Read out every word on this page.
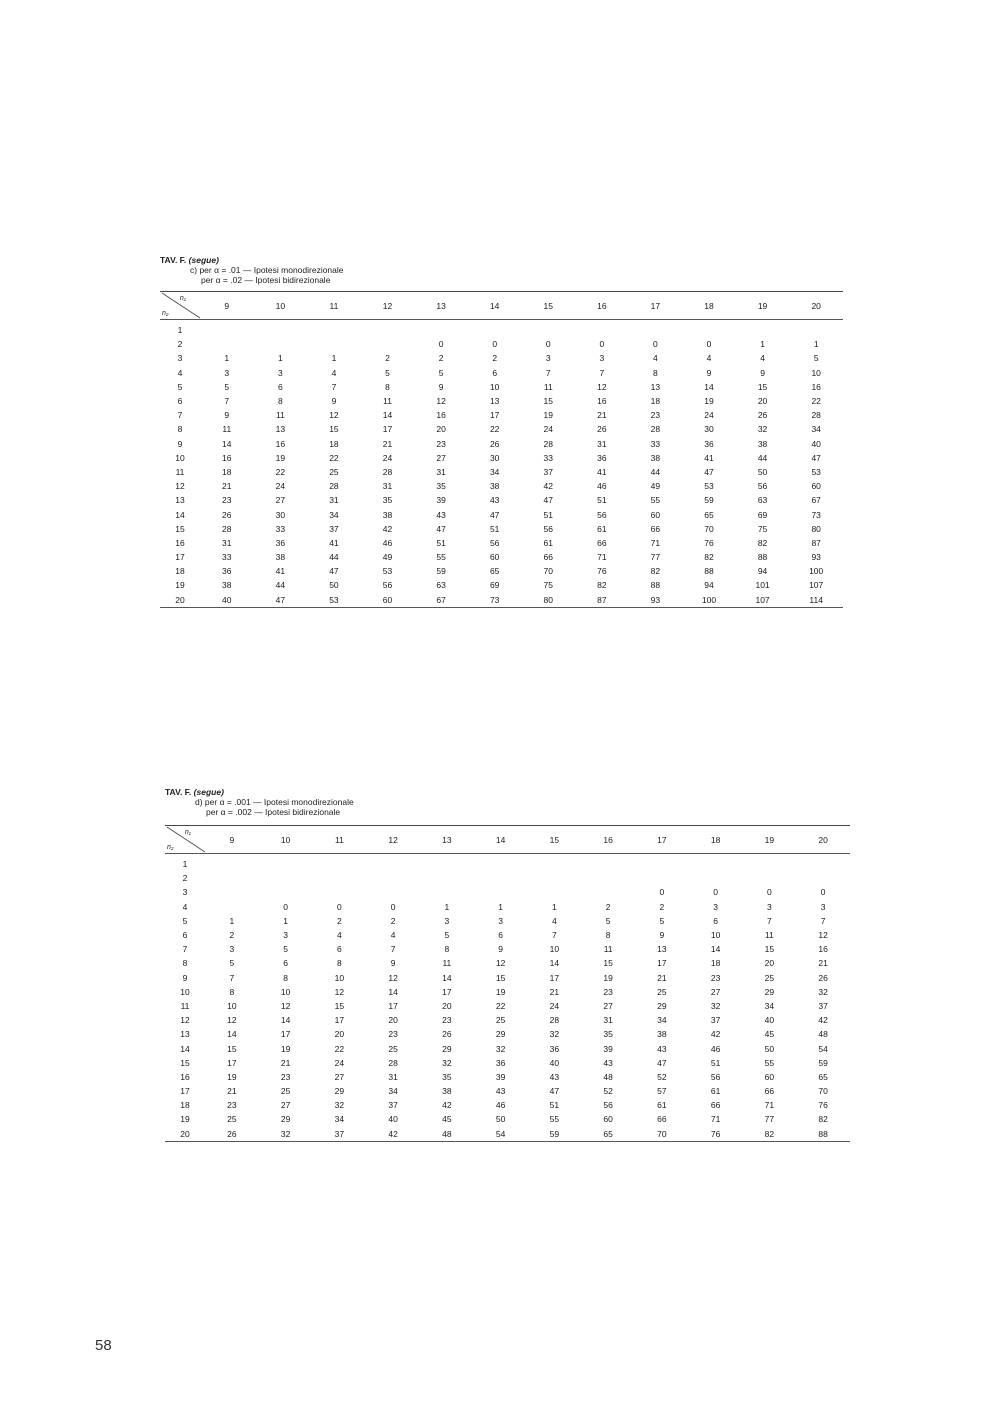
TAV. F. (segue)
c) per α = .01 — Ipotesi monodirezionale
per α = .02 — Ipotesi bidirezionale
n₁
n₂	9	10	11	12	13	14	15	16	17	18	19	20
1												
2					0	0	0	0	0	0	1	1
3	1	1	1	2	2	2	3	3	4	4	4	5
4	3	3	4	5	5	6	7	7	8	9	9	10
5	5	6	7	8	9	10	11	12	13	14	15	16
6	7	8	9	11	12	13	15	16	18	19	20	22
7	9	11	12	14	16	17	19	21	23	24	26	28
8	11	13	15	17	20	22	24	26	28	30	32	34
9	14	16	18	21	23	26	28	31	33	36	38	40
10	16	19	22	24	27	30	33	36	38	41	44	47
11	18	22	25	28	31	34	37	41	44	47	50	53
12	21	24	28	31	35	38	42	46	49	53	56	60
13	23	27	31	35	39	43	47	51	55	59	63	67
14	26	30	34	38	43	47	51	56	60	65	69	73
15	28	33	37	42	47	51	56	61	66	70	75	80
16	31	36	41	46	51	56	61	66	71	76	82	87
17	33	38	44	49	55	60	66	71	77	82	88	93
18	36	41	47	53	59	65	70	76	82	88	94	100
19	38	44	50	56	63	69	75	82	88	94	101	107
20	40	47	53	60	67	73	80	87	93	100	107	114
TAV. F. (segue)
d) per α = .001 — Ipotesi monodirezionale
per α = .002 — Ipotesi bidirezionale
n₁
n₂	9	10	11	12	13	14	15	16	17	18	19	20
1												
2												
3									0	0	0	0
4		0	0	0	1	1	1	2	2	3	3	3
5	1	1	2	2	3	3	4	5	5	6	7	7
6	2	3	4	4	5	6	7	8	9	10	11	12
7	3	5	6	7	8	9	10	11	13	14	15	16
8	5	6	8	9	11	12	14	15	17	18	20	21
9	7	8	10	12	14	15	17	19	21	23	25	26
10	8	10	12	14	17	19	21	23	25	27	29	32
11	10	12	15	17	20	22	24	27	29	32	34	37
12	12	14	17	20	23	25	28	31	34	37	40	42
13	14	17	20	23	26	29	32	35	38	42	45	48
14	15	19	22	25	29	32	36	39	43	46	50	54
15	17	21	24	28	32	36	40	43	47	51	55	59
16	19	23	27	31	35	39	43	48	52	56	60	65
17	21	25	29	34	38	43	47	52	57	61	66	70
18	23	27	32	37	42	46	51	56	61	66	71	76
19	25	29	34	40	45	50	55	60	66	71	77	82
20	26	32	37	42	48	54	59	65	70	76	82	88
58
